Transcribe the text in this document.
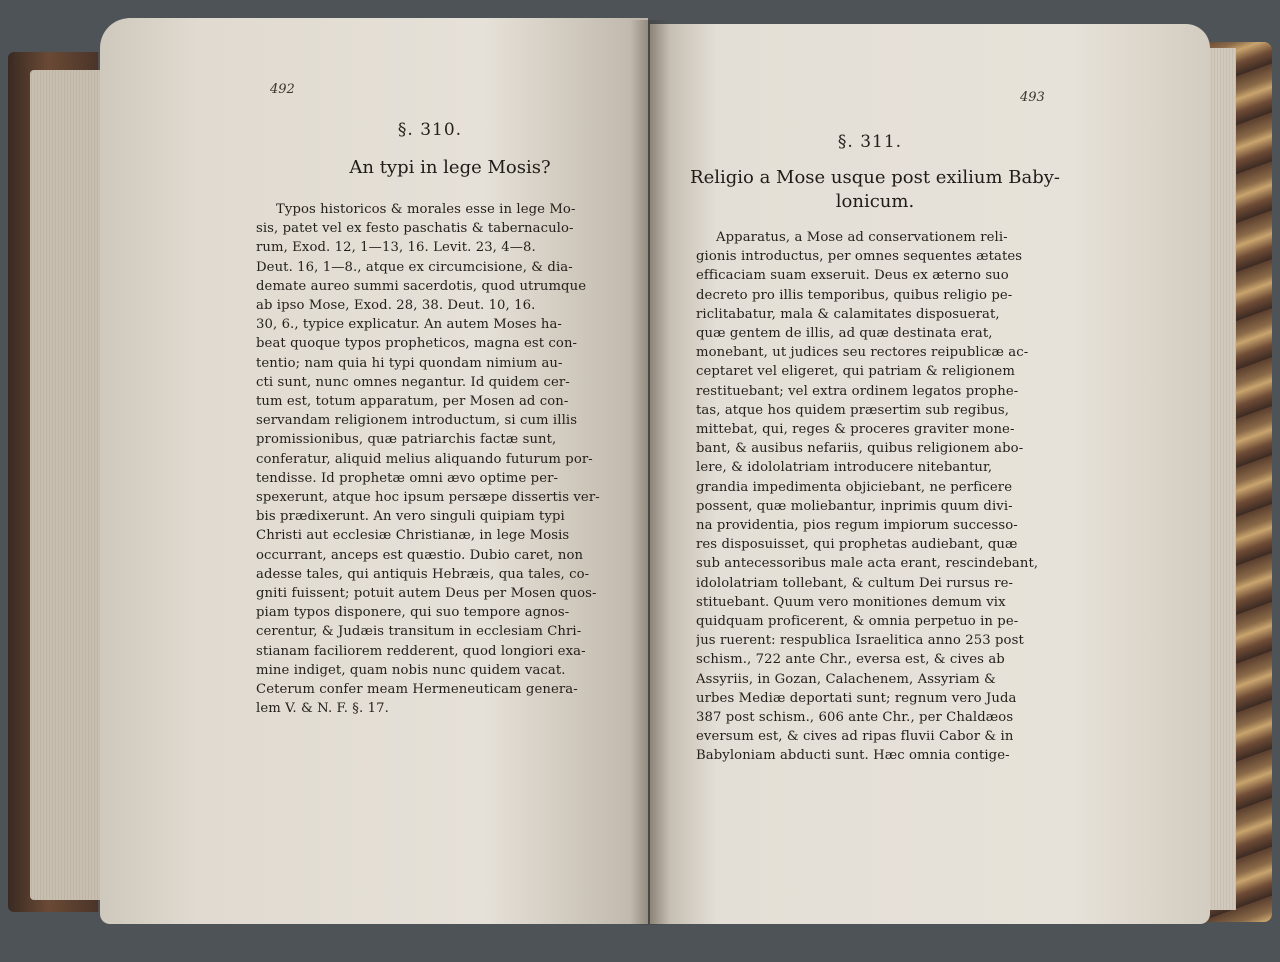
492
§. 310.
An typi in lege Mosis?
Typos historicos & morales esse in lege Mo-
sis, patet vel ex festo paschatis & tabernaculo-
rum, Exod. 12, 1—13, 16. Levit. 23, 4—8.
Deut. 16, 1—8., atque ex circumcisione, & dia-
demate aureo summi sacerdotis, quod utrumque
ab ipso Mose, Exod. 28, 38. Deut. 10, 16.
30, 6., typice explicatur. An autem Moses ha-
beat quoque typos propheticos, magna est con-
tentio; nam quia hi typi quondam nimium au-
cti sunt, nunc omnes negantur. Id quidem cer-
tum est, totum apparatum, per Mosen ad con-
servandam religionem introductum, si cum illis
promissionibus, quæ patriarchis factæ sunt,
conferatur, aliquid melius aliquando futurum por-
tendisse. Id prophetæ omni ævo optime per-
spexerunt, atque hoc ipsum persæpe dissertis ver-
bis prædixerunt. An vero singuli quipiam typi
Christi aut ecclesiæ Christianæ, in lege Mosis
occurrant, anceps est quæstio. Dubio caret, non
adesse tales, qui antiquis Hebræis, qua tales, co-
gniti fuissent; potuit autem Deus per Mosen quos-
piam typos disponere, qui suo tempore agnos-
cerentur, & Judæis transitum in ecclesiam Chri-
stianam faciliorem redderent, quod longiori exa-
mine indiget, quam nobis nunc quidem vacat.
Ceterum confer meam Hermeneuticam genera-
lem V. & N. F. §. 17.
493
§. 311.
Religio a Mose usque post exilium Baby-
lonicum.
Apparatus, a Mose ad conservationem reli-
gionis introductus, per omnes sequentes ætates
efficaciam suam exseruit. Deus ex æterno suo
decreto pro illis temporibus, quibus religio pe-
riclitabatur, mala & calamitates disposuerat,
quæ gentem de illis, ad quæ destinata erat,
monebant, ut judices seu rectores reipublicæ ac-
ceptaret vel eligeret, qui patriam & religionem
restituebant; vel extra ordinem legatos prophe-
tas, atque hos quidem præsertim sub regibus,
mittebat, qui, reges & proceres graviter mone-
bant, & ausibus nefariis, quibus religionem abo-
lere, & idololatriam introducere nitebantur,
grandia impedimenta objiciebant, ne perficere
possent, quæ moliebantur, inprimis quum divi-
na providentia, pios regum impiorum successo-
res disposuisset, qui prophetas audiebant, quæ
sub antecessoribus male acta erant, rescindebant,
idololatriam tollebant, & cultum Dei rursus re-
stituebant. Quum vero monitiones demum vix
quidquam proficerent, & omnia perpetuo in pe-
jus ruerent: respublica Israelitica anno 253 post
schism., 722 ante Chr., eversa est, & cives ab
Assyriis, in Gozan, Calachenem, Assyriam &
urbes Mediæ deportati sunt; regnum vero Juda
387 post schism., 606 ante Chr., per Chaldæos
eversum est, & cives ad ripas fluvii Cabor & in
Babyloniam abducti sunt. Hæc omnia contige-
